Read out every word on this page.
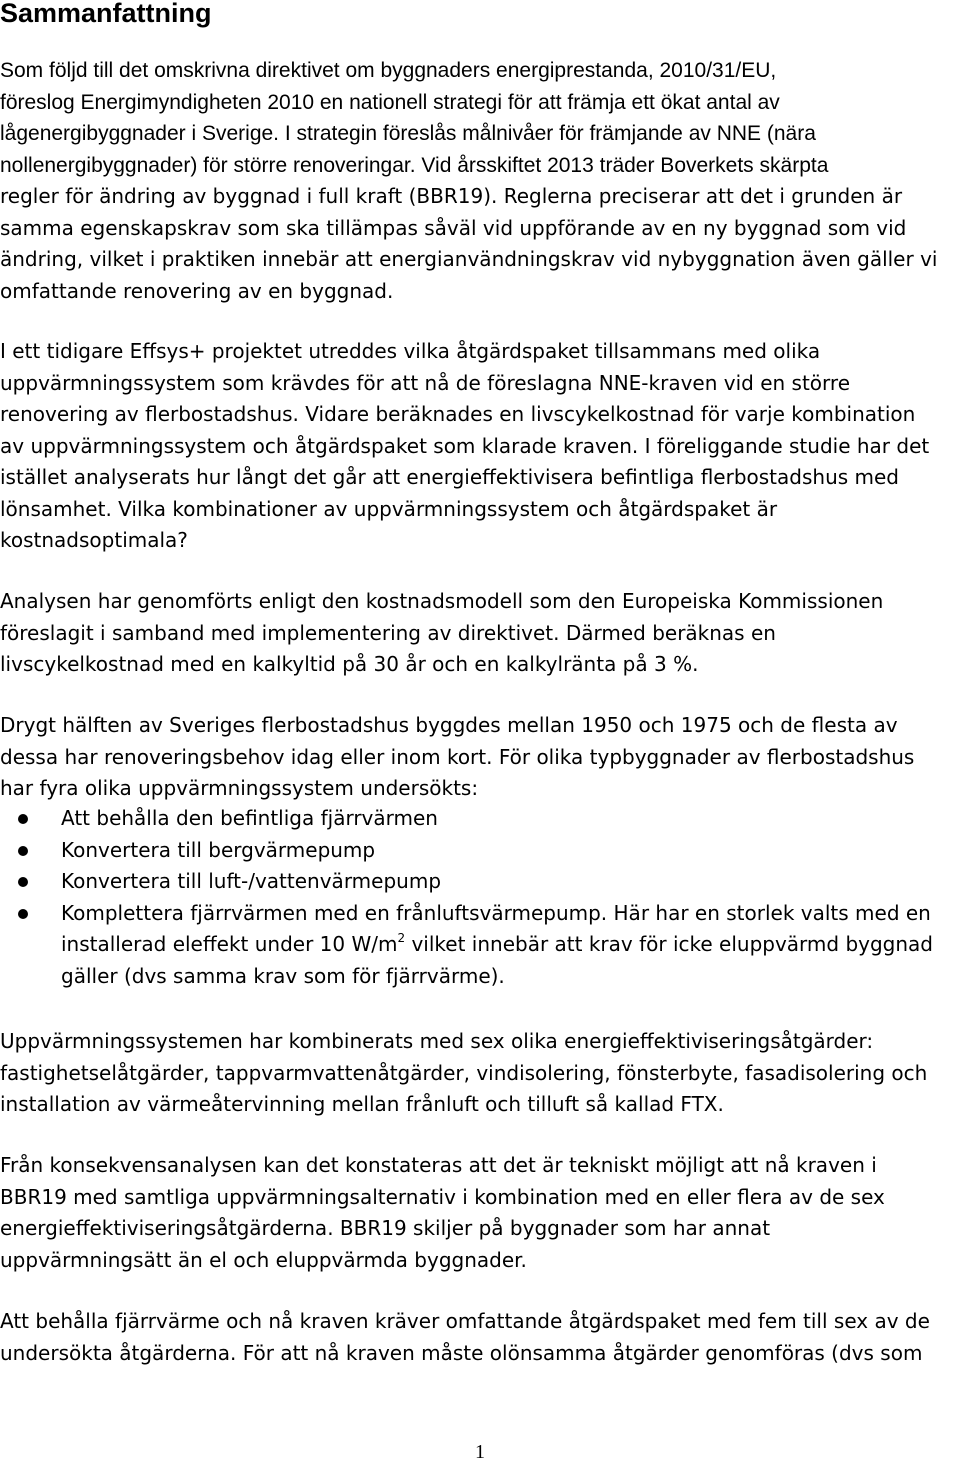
Sammanfattning
Som följd till det omskrivna direktivet om byggnaders energiprestanda, 2010/31/EU,
föreslog Energimyndigheten 2010 en nationell strategi för att främja ett ökat antal av
lågenergibyggnader i Sverige. I strategin föreslås målnivåer för främjande av NNE (nära
nollenergibyggnader) för större renoveringar. Vid årsskiftet 2013 träder Boverkets skärpta
regler för ändring av byggnad i full kraft (BBR19). Reglerna preciserar att det i grunden är
samma egenskapskrav som ska tillämpas såväl vid uppförande av en ny byggnad som vid
ändring, vilket i praktiken innebär att energianvändningskrav vid nybyggnation även gäller vi
omfattande renovering av en byggnad.
I ett tidigare Effsys+ projektet utreddes vilka åtgärdspaket tillsammans med olika
uppvärmningssystem som krävdes för att nå de föreslagna NNE-kraven vid en större
renovering av flerbostadshus. Vidare beräknades en livscykelkostnad för varje kombination
av uppvärmningssystem och åtgärdspaket som klarade kraven. I föreliggande studie har det
istället analyserats hur långt det går att energieffektivisera befintliga flerbostadshus med
lönsamhet. Vilka kombinationer av uppvärmningssystem och åtgärdspaket är
kostnadsoptimala?
Analysen har genomförts enligt den kostnadsmodell som den Europeiska Kommissionen
föreslagit i samband med implementering av direktivet. Därmed beräknas en
livscykelkostnad med en kalkyltid på 30 år och en kalkylränta på 3 %.
Drygt hälften av Sveriges flerbostadshus byggdes mellan 1950 och 1975 och de flesta av
dessa har renoveringsbehov idag eller inom kort. För olika typbyggnader av flerbostadshus
har fyra olika uppvärmningssystem undersökts:
Att behålla den befintliga fjärrvärmen
Konvertera till bergvärmepump
Konvertera till luft-/vattenvärmepump
Komplettera fjärrvärmen med en frånluftsvärmepump. Här har en storlek valts med en
installerad eleffekt under 10 $W/m^2$ vilket innebär att krav för icke eluppvärmd byggnad
gäller (dvs samma krav som för fjärrvärme).
Uppvärmningssystemen har kombinerats med sex olika energieffektiviseringsåtgärder:
fastighetselåtgärder, tappvarmvattenåtgärder, vindisolering, fönsterbyte, fasadisolering och
installation av värmeåtervinning mellan frånluft och tilluft så kallad FTX.
Från konsekvensanalysen kan det konstateras att det är tekniskt möjligt att nå kraven i
BBR19 med samtliga uppvärmningsalternativ i kombination med en eller flera av de sex
energieffektiviseringsåtgärderna. BBR19 skiljer på byggnader som har annat
uppvärmningsätt än el och eluppvärmda byggnader.
Att behålla fjärrvärme och nå kraven kräver omfattande åtgärdspaket med fem till sex av de
undersökta åtgärderna. För att nå kraven måste olönsamma åtgärder genomföras (dvs som
1
